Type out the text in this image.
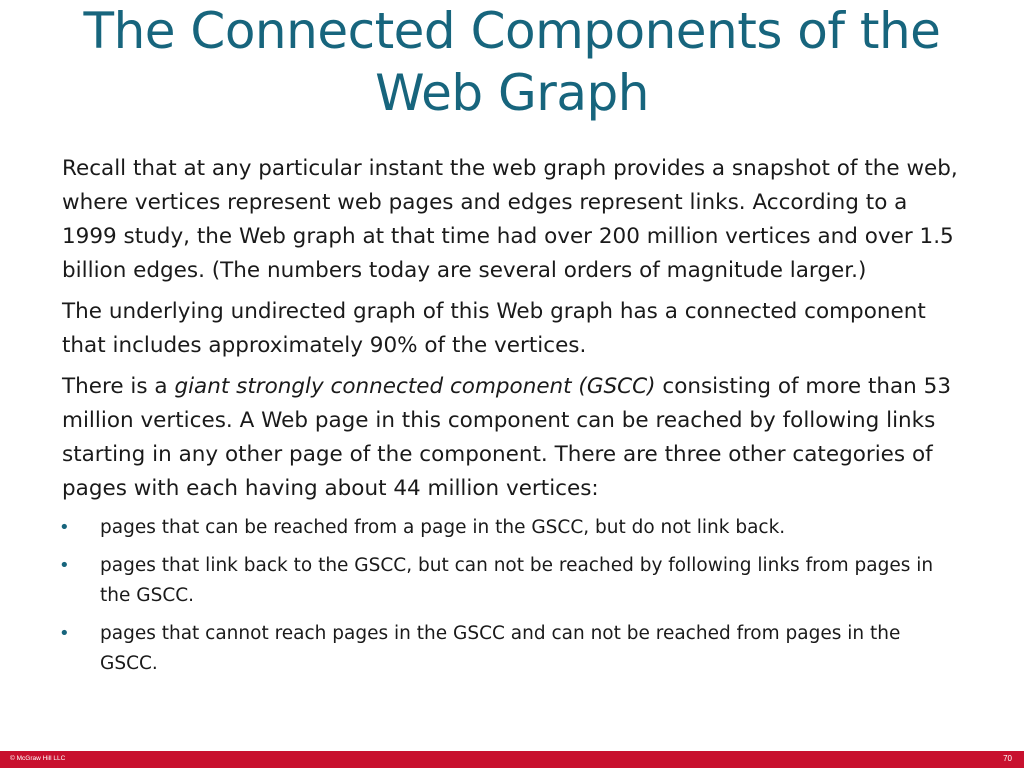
The Connected Components of the
Web Graph

Recall that at any particular instant the web graph provides a snapshot of the web, where vertices represent web pages and edges represent links. According to a 1999 study, the Web graph at that time had over 200 million vertices and over 1.5 billion edges. (The numbers today are several orders of magnitude larger.)

The underlying undirected graph of this Web graph has a connected component that includes approximately 90% of the vertices.

There is a giant strongly connected component (GSCC) consisting of more than 53 million vertices. A Web page in this component can be reached by following links starting in any other page of the component. There are three other categories of pages with each having about 44 million vertices:

• pages that can be reached from a page in the GSCC, but do not link back.
• pages that link back to the GSCC, but can not be reached by following links from pages in the GSCC.
• pages that cannot reach pages in the GSCC and can not be reached from pages in the GSCC.
© McGraw Hill LLC	70
